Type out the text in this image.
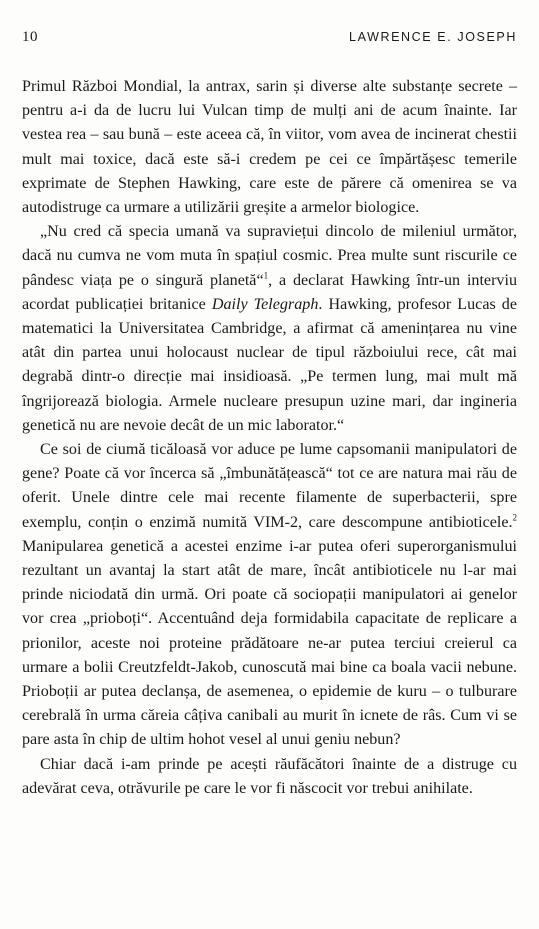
10	LAWRENCE E. JOSEPH

Primul Război Mondial, la antrax, sarin și diverse alte substanțe secrete – pentru a-i da de lucru lui Vulcan timp de mulți ani de acum înainte. Iar vestea rea – sau bună – este aceea că, în viitor, vom avea de incinerat chestii mult mai toxice, dacă este să-i credem pe cei ce împărtășesc temerile exprimate de Stephen Hawking, care este de părere că omenirea se va autodistruge ca urmare a utilizării greșite a armelor biologice.

„Nu cred că specia umană va supraviețui dincolo de mileniul următor, dacă nu cumva ne vom muta în spațiul cosmic. Prea multe sunt riscurile ce pândesc viața pe o singură planetă“$^1$, a declarat Hawking într-un interviu acordat publicației britanice Daily Telegraph. Hawking, profesor Lucas de matematici la Universitatea Cambridge, a afirmat că amenințarea nu vine atât din partea unui holocaust nuclear de tipul războiului rece, cât mai degrabă dintr-o direcție mai insidioasă. „Pe termen lung, mai mult mă îngrijorează biologia. Armele nucleare presupun uzine mari, dar ingineria genetică nu are nevoie decât de un mic laborator.“

Ce soi de ciumă ticăloasă vor aduce pe lume capsomanii manipulatori de gene? Poate că vor încerca să „îmbunătățească“ tot ce are natura mai rău de oferit. Unele dintre cele mai recente filamente de superbacterii, spre exemplu, conțin o enzimă numită VIM-2, care descompune antibioticele.$^2$ Manipularea genetică a acestei enzime i-ar putea oferi superorganismului rezultant un avantaj la start atât de mare, încât antibioticele nu l-ar mai prinde niciodată din urmă. Ori poate că sociopații manipulatori ai genelor vor crea „prioboți“. Accentuând deja formidabila capacitate de replicare a prionilor, aceste noi proteine prădătoare ne-ar putea terciui creierul ca urmare a bolii Creutzfeldt-Jakob, cunoscută mai bine ca boala vacii nebune. Prioboții ar putea declanșa, de asemenea, o epidemie de kuru – o tulburare cerebrală în urma căreia câțiva canibali au murit în icnete de râs. Cum vi se pare asta în chip de ultim hohot vesel al unui geniu nebun?

Chiar dacă i-am prinde pe acești răufăcători înainte de a distruge cu adevărat ceva, otrăvurile pe care le vor fi născocit vor trebui anihilate.
